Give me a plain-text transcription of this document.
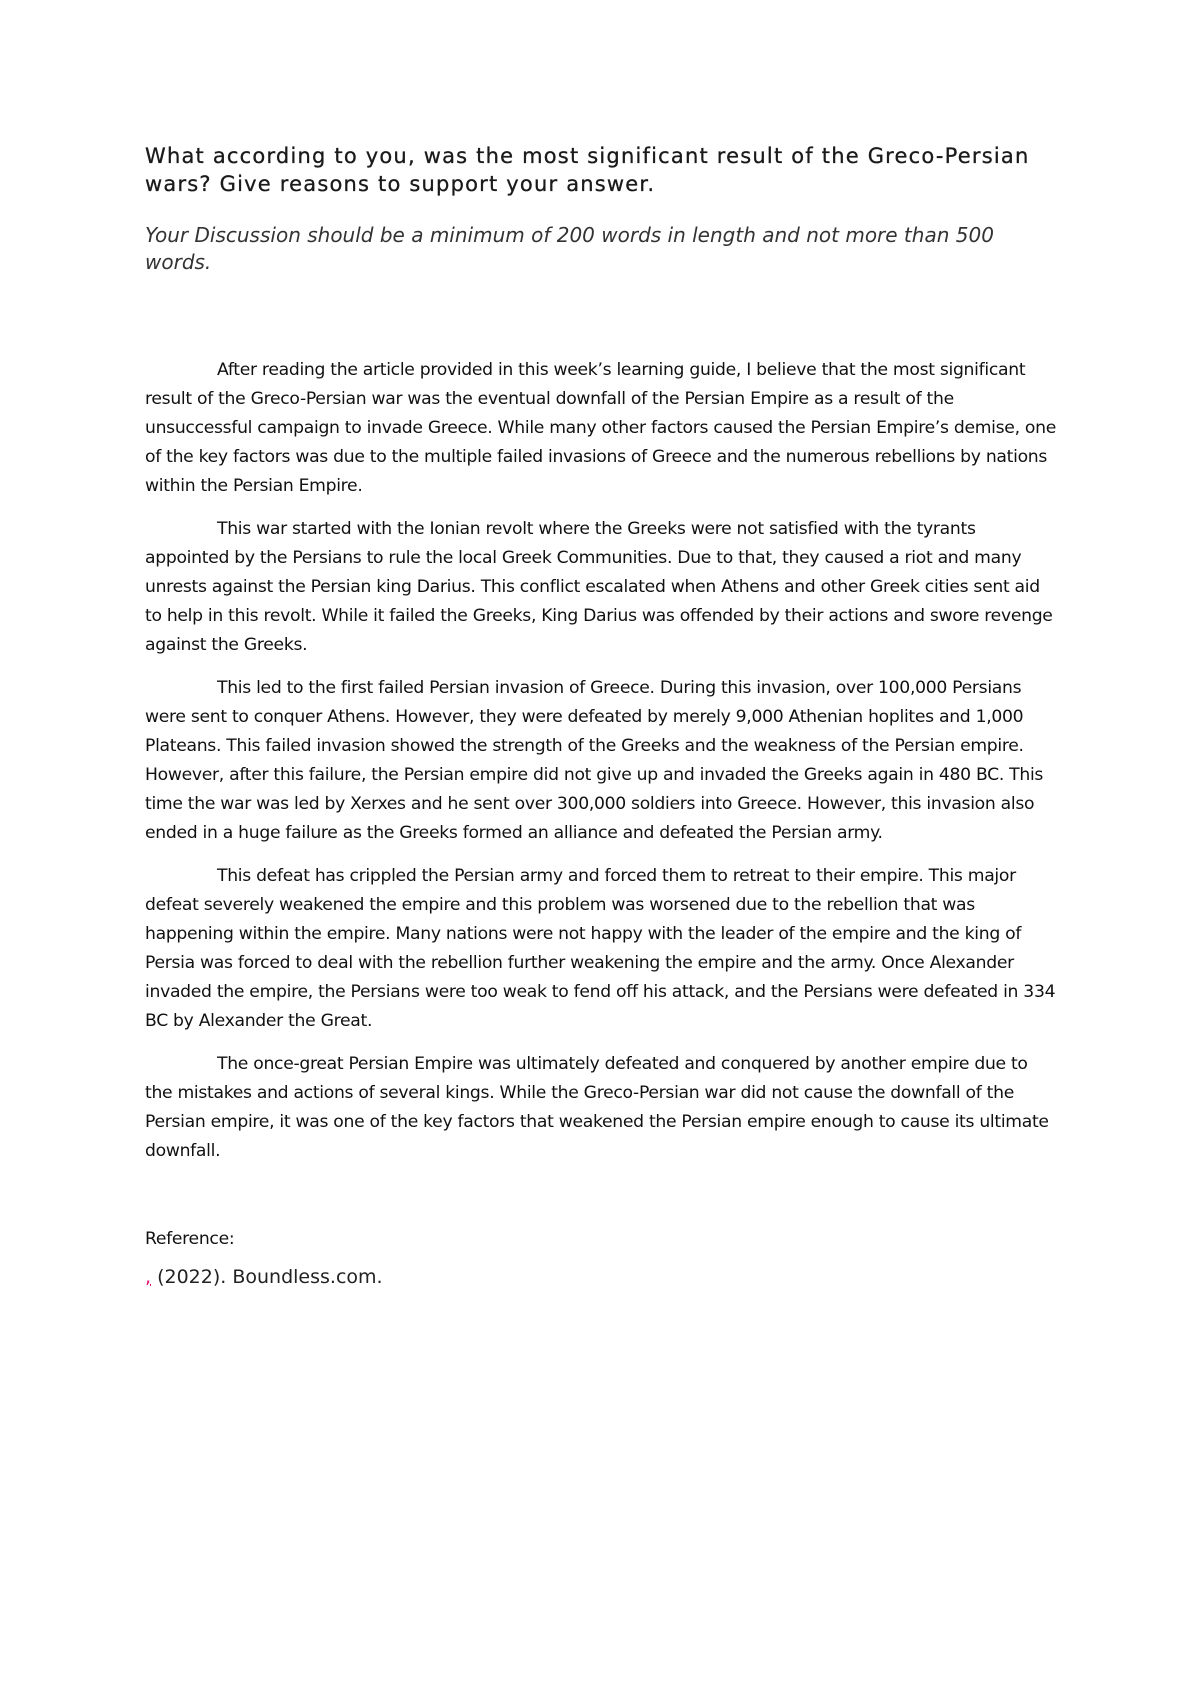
What according to you, was the most significant result of the Greco-Persian wars? Give reasons to support your answer.

Your Discussion should be a minimum of 200 words in length and not more than 500 words.

After reading the article provided in this week’s learning guide, I believe that the most significant result of the Greco-Persian war was the eventual downfall of the Persian Empire as a result of the unsuccessful campaign to invade Greece. While many other factors caused the Persian Empire’s demise, one of the key factors was due to the multiple failed invasions of Greece and the numerous rebellions by nations within the Persian Empire.

This war started with the Ionian revolt where the Greeks were not satisfied with the tyrants appointed by the Persians to rule the local Greek Communities. Due to that, they caused a riot and many unrests against the Persian king Darius. This conflict escalated when Athens and other Greek cities sent aid to help in this revolt. While it failed the Greeks, King Darius was offended by their actions and swore revenge against the Greeks.

This led to the first failed Persian invasion of Greece. During this invasion, over 100,000 Persians were sent to conquer Athens. However, they were defeated by merely 9,000 Athenian hoplites and 1,000 Plateans. This failed invasion showed the strength of the Greeks and the weakness of the Persian empire. However, after this failure, the Persian empire did not give up and invaded the Greeks again in 480 BC. This time the war was led by Xerxes and he sent over 300,000 soldiers into Greece. However, this invasion also ended in a huge failure as the Greeks formed an alliance and defeated the Persian army.

This defeat has crippled the Persian army and forced them to retreat to their empire. This major defeat severely weakened the empire and this problem was worsened due to the rebellion that was happening within the empire. Many nations were not happy with the leader of the empire and the king of Persia was forced to deal with the rebellion further weakening the empire and the army. Once Alexander invaded the empire, the Persians were too weak to fend off his attack, and the Persians were defeated in 334 BC by Alexander the Great.

The once-great Persian Empire was ultimately defeated and conquered by another empire due to the mistakes and actions of several kings. While the Greco-Persian war did not cause the downfall of the Persian empire, it was one of the key factors that weakened the Persian empire enough to cause its ultimate downfall.

Reference:

, (2022). Boundless.com.
